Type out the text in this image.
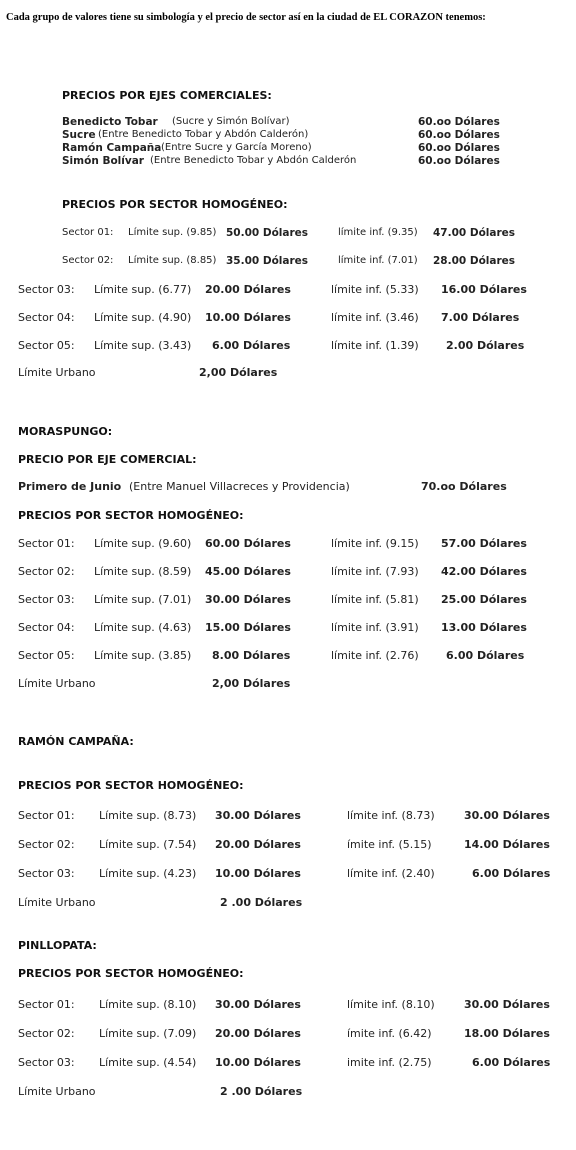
Cada grupo de valores tiene su simbología y el precio de sector así en la ciudad de EL CORAZON tenemos:
PRECIOS POR EJES COMERCIALES:
Benedicto Tobar (Sucre y Simón Bolívar)	60.oo Dólares
Sucre (Entre Benedicto Tobar y Abdón Calderón)	60.oo Dólares
Ramón Campaña (Entre Sucre y García Moreno)	60.oo Dólares
Simón Bolívar (Entre Benedicto Tobar y Abdón Calderón	60.oo Dólares
PRECIOS POR SECTOR HOMOGÉNEO:
Sector 01: Límite sup. (9.85) 50.00 Dólares	límite inf. (9.35) 47.00 Dólares
Sector 02: Límite sup. (8.85) 35.00 Dólares	límite inf. (7.01) 28.00 Dólares
Sector 03: Límite sup. (6.77) 20.00 Dólares	límite inf. (5.33) 16.00 Dólares
Sector 04: Límite sup. (4.90) 10.00 Dólares	límite inf. (3.46) 7.00 Dólares
Sector 05: Límite sup. (3.43) 6.00 Dólares	límite inf. (1.39) 2.00 Dólares
Límite Urbano	2,00 Dólares
MORASPUNGO:
PRECIO POR EJE COMERCIAL:
Primero de Junio (Entre Manuel Villacreces y Providencia)	70.oo Dólares
PRECIOS POR SECTOR HOMOGÉNEO:
Sector 01: Límite sup. (9.60) 60.00 Dólares	límite inf. (9.15) 57.00 Dólares
Sector 02: Límite sup. (8.59) 45.00 Dólares	límite inf. (7.93) 42.00 Dólares
Sector 03: Límite sup. (7.01) 30.00 Dólares	límite inf. (5.81) 25.00 Dólares
Sector 04: Límite sup. (4.63) 15.00 Dólares	límite inf. (3.91) 13.00 Dólares
Sector 05: Límite sup. (3.85) 8.00 Dólares	límite inf. (2.76) 6.00 Dólares
Límite Urbano	2,00 Dólares
RAMÓN CAMPAÑA:
PRECIOS POR SECTOR HOMOGÉNEO:
Sector 01: Límite sup. (8.73) 30.00 Dólares	límite inf. (8.73)	30.00 Dólares
Sector 02: Límite sup. (7.54) 20.00 Dólares	ímite inf. (5.15)	14.00 Dólares
Sector 03: Límite sup. (4.23) 10.00 Dólares	límite inf. (2.40)	6.00 Dólares
Límite Urbano	2 .00 Dólares
PINLLOPATA:
PRECIOS POR SECTOR HOMOGÉNEO:
Sector 01: Límite sup. (8.10) 30.00 Dólares	límite inf. (8.10)	30.00 Dólares
Sector 02: Límite sup. (7.09) 20.00 Dólares	ímite inf. (6.42)	18.00 Dólares
Sector 03: Límite sup. (4.54) 10.00 Dólares	imite inf. (2.75)	6.00 Dólares
Límite Urbano	2 .00 Dólares
